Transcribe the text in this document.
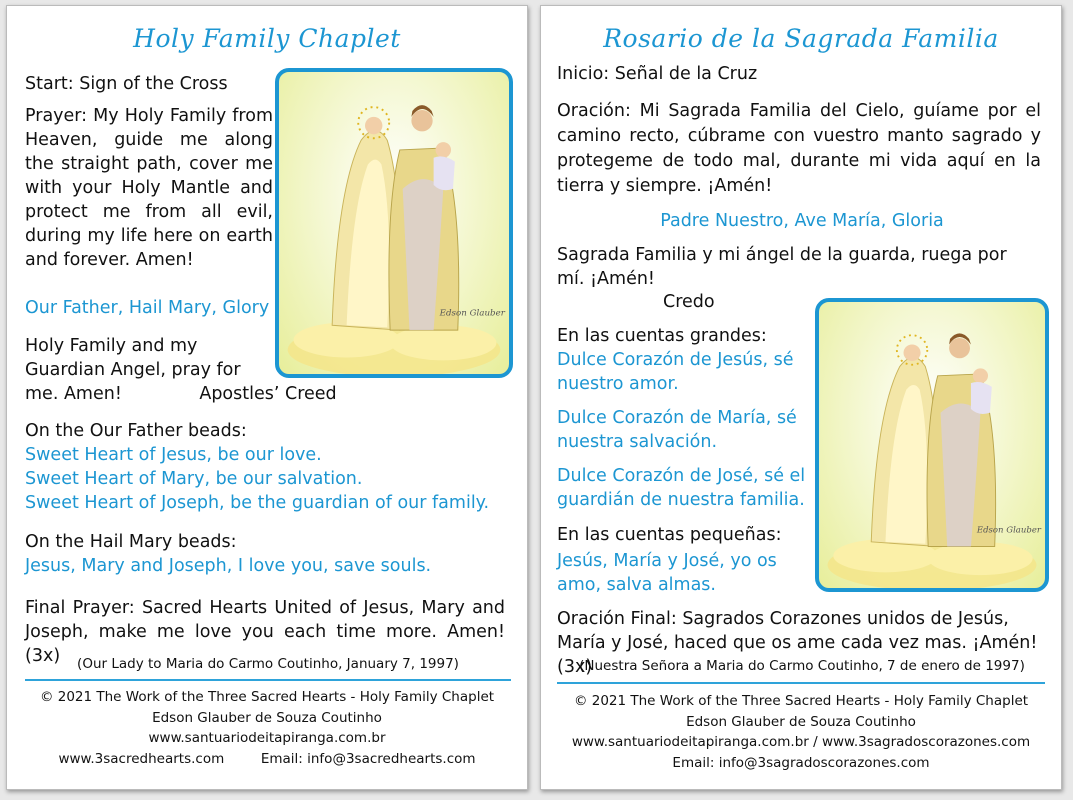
Holy Family Chaplet

Start: Sign of the Cross

Prayer: My Holy Family from Heaven, guide me along the straight path, cover me with your Holy Mantle and protect me from all evil, during my life here on earth and forever. Amen!

Edson Glauber

Our Father, Hail Mary, Glory

Holy Family and my Guardian Angel, pray for me. Amen!	Apostles’ Creed

On the Our Father beads:

Sweet Heart of Jesus, be our love.

Sweet Heart of Mary, be our salvation.

Sweet Heart of Joseph, be the guardian of our family.

On the Hail Mary beads:

Jesus, Mary and Joseph, I love you, save souls.

Final Prayer: Sacred Hearts United of Jesus, Mary and Joseph, make me love you each time more. Amen! (3x)	(Our Lady to Maria do Carmo Coutinho, January 7, 1997)

© 2021 The Work of the Three Sacred Hearts - Holy Family Chaplet
Edson Glauber de Souza Coutinho
www.santuariodeitapiranga.com.br
www.3sacredhearts.com	Email: info@3sacredhearts.com
Rosario de la Sagrada Familia

Inicio: Señal de la Cruz

Oración: Mi Sagrada Familia del Cielo, guíame por el camino recto, cúbrame con vuestro manto sagrado y protegeme de todo mal, durante mi vida aquí en la tierra y siempre. ¡Amén!

Padre Nuestro, Ave María, Gloria

Sagrada Familia y mi ángel de la guarda, ruega por mí. ¡Amén!

Credo

Edson Glauber

En las cuentas grandes:

Dulce Corazón de Jesús, sé nuestro amor.

Dulce Corazón de María, sé nuestra salvación.

Dulce Corazón de José, sé el guardián de nuestra familia.

En las cuentas pequeñas:

Jesús, María y José, yo os amo, salva almas.

Oración Final: Sagrados Corazones unidos de Jesús, María y José, haced que os ame cada vez mas. ¡Amén! (3x)

(Nuestra Señora a Maria do Carmo Coutinho, 7 de enero de 1997)

© 2021 The Work of the Three Sacred Hearts - Holy Family Chaplet
Edson Glauber de Souza Coutinho
www.santuariodeitapiranga.com.br / www.3sagradoscorazones.com
Email: info@3sagradoscorazones.com
